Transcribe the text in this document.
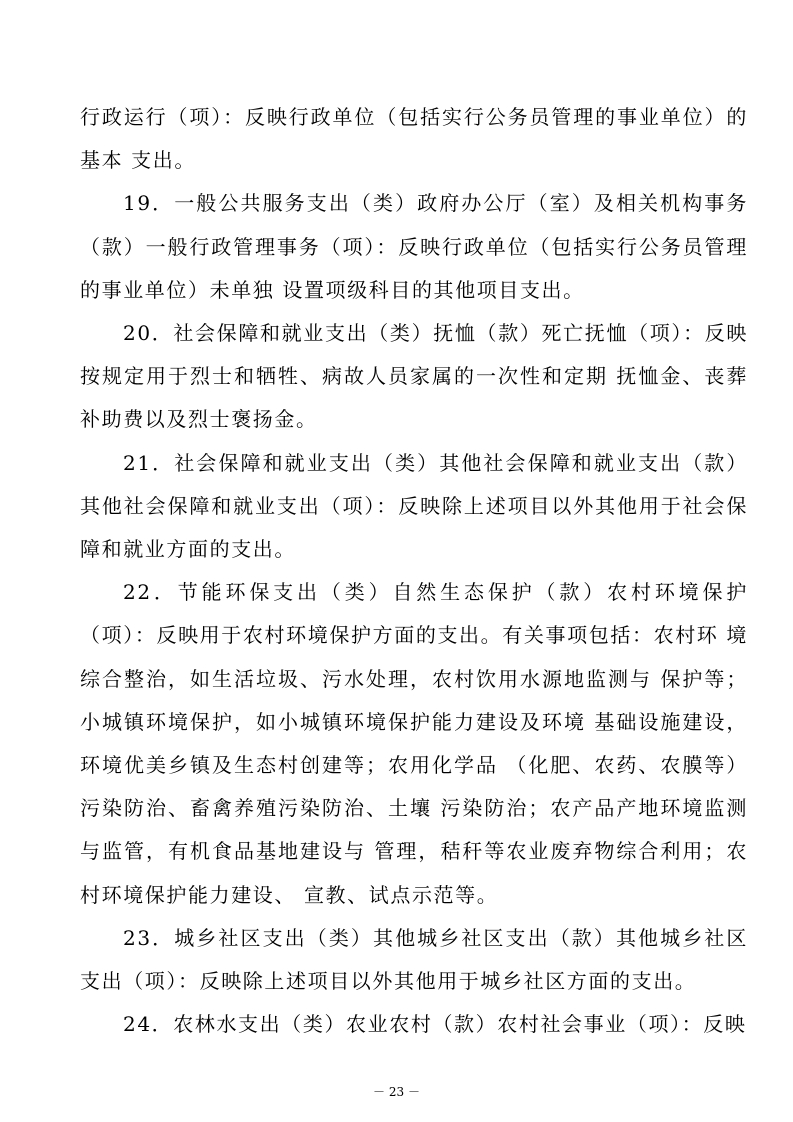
行政运行（项）：反映行政单位（包括实行公务员管理的事业单位）的基本 支出。

19．一般公共服务支出（类）政府办公厅（室）及相关机构事务（款）一般行政管理事务（项）：反映行政单位（包括实行公务员管理的事业单位）未单独 设置项级科目的其他项目支出。

20．社会保障和就业支出（类）抚恤（款）死亡抚恤（项）：反映按规定用于烈士和牺牲、病故人员家属的一次性和定期 抚恤金、丧葬补助费以及烈士褒扬金。

21．社会保障和就业支出（类）其他社会保障和就业支出（款）其他社会保障和就业支出（项）：反映除上述项目以外其他用于社会保障和就业方面的支出。

22．节能环保支出（类）自然生态保护（款）农村环境保护（项）：反映用于农村环境保护方面的支出。有关事项包括：农村环 境综合整治，如生活垃圾、污水处理，农村饮用水源地监测与 保护等；小城镇环境保护，如小城镇环境保护能力建设及环境 基础设施建设，环境优美乡镇及生态村创建等；农用化学品 （化肥、农药、农膜等）污染防治、畜禽养殖污染防治、土壤 污染防治；农产品产地环境监测与监管，有机食品基地建设与 管理，秸秆等农业废弃物综合利用；农村环境保护能力建设、 宣教、试点示范等。

23．城乡社区支出（类）其他城乡社区支出（款）其他城乡社区支出（项）：反映除上述项目以外其他用于城乡社区方面的支出。

24．农林水支出（类）农业农村（款）农村社会事业（项）：反映

－ 23 －
